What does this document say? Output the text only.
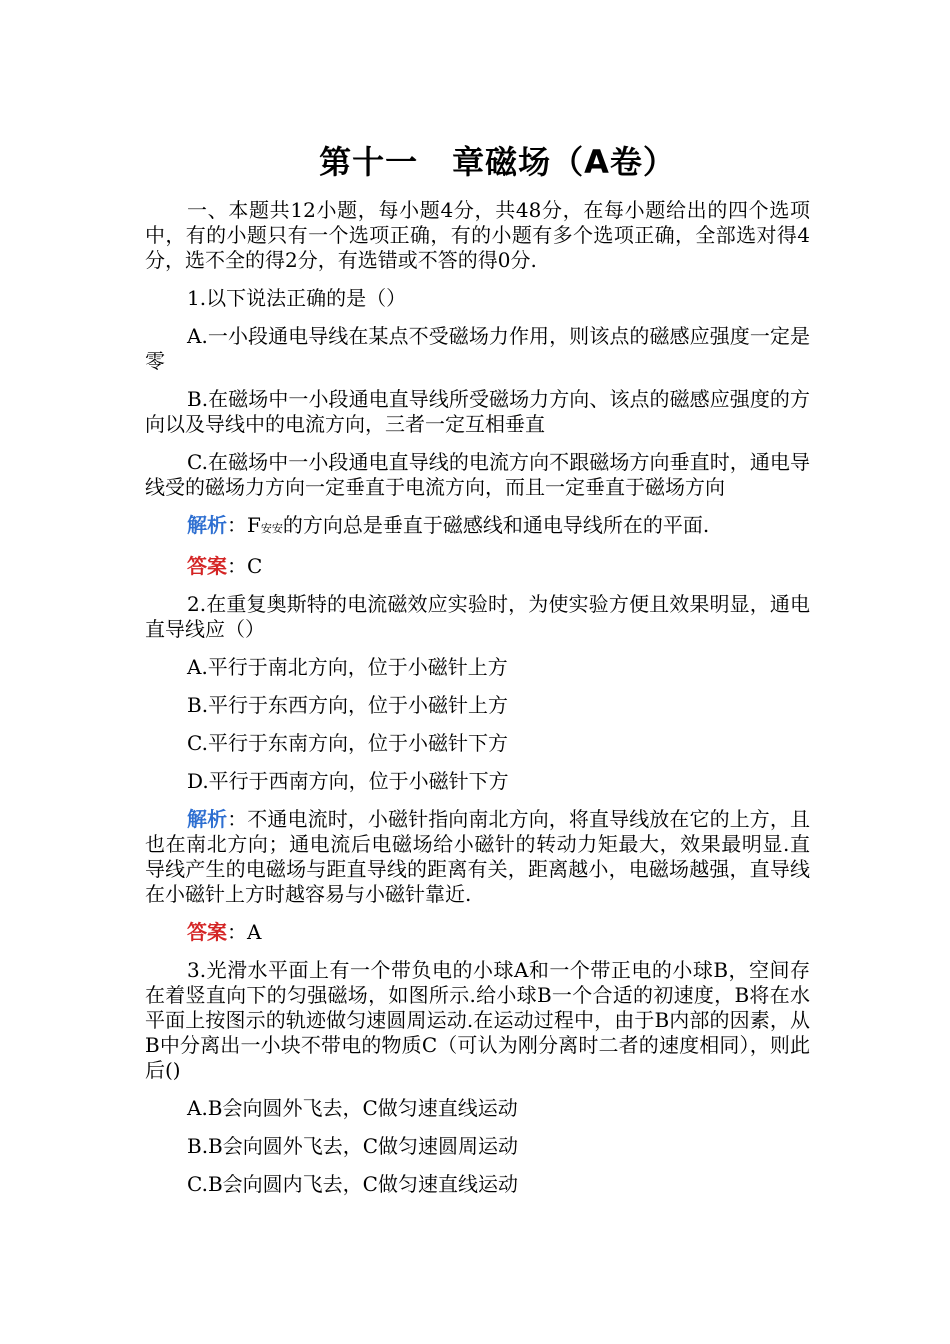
第十一 章磁场（A卷）

一、本题共12小题，每小题4分，共48分，在每小题给出的四个选项中，有的小题只有一个选项正确，有的小题有多个选项正确，全部选对得4分，选不全的得2分，有选错或不答的得0分.

1.以下说法正确的是（）

A.一小段通电导线在某点不受磁场力作用，则该点的磁感应强度一定是零

B.在磁场中一小段通电直导线所受磁场力方向、该点的磁感应强度的方向以及导线中的电流方向，三者一定互相垂直

C.在磁场中一小段通电直导线的电流方向不跟磁场方向垂直时，通电导线受的磁场力方向一定垂直于电流方向，而且一定垂直于磁场方向

解析：F安安的方向总是垂直于磁感线和通电导线所在的平面.

答案：C

2.在重复奥斯特的电流磁效应实验时，为使实验方便且效果明显，通电直导线应（）

A.平行于南北方向，位于小磁针上方

B.平行于东西方向，位于小磁针上方

C.平行于东南方向，位于小磁针下方

D.平行于西南方向，位于小磁针下方

解析：不通电流时，小磁针指向南北方向，将直导线放在它的上方，且也在南北方向；通电流后电磁场给小磁针的转动力矩最大，效果最明显.直导线产生的电磁场与距直导线的距离有关，距离越小，电磁场越强，直导线在小磁针上方时越容易与小磁针靠近.

答案：A

3.光滑水平面上有一个带负电的小球A和一个带正电的小球B，空间存在着竖直向下的匀强磁场，如图所示.给小球B一个合适的初速度，B将在水平面上按图示的轨迹做匀速圆周运动.在运动过程中，由于B内部的因素，从B中分离出一小块不带电的物质C（可认为刚分离时二者的速度相同），则此后()

A.B会向圆外飞去，C做匀速直线运动

B.B会向圆外飞去，C做匀速圆周运动

C.B会向圆内飞去，C做匀速直线运动
